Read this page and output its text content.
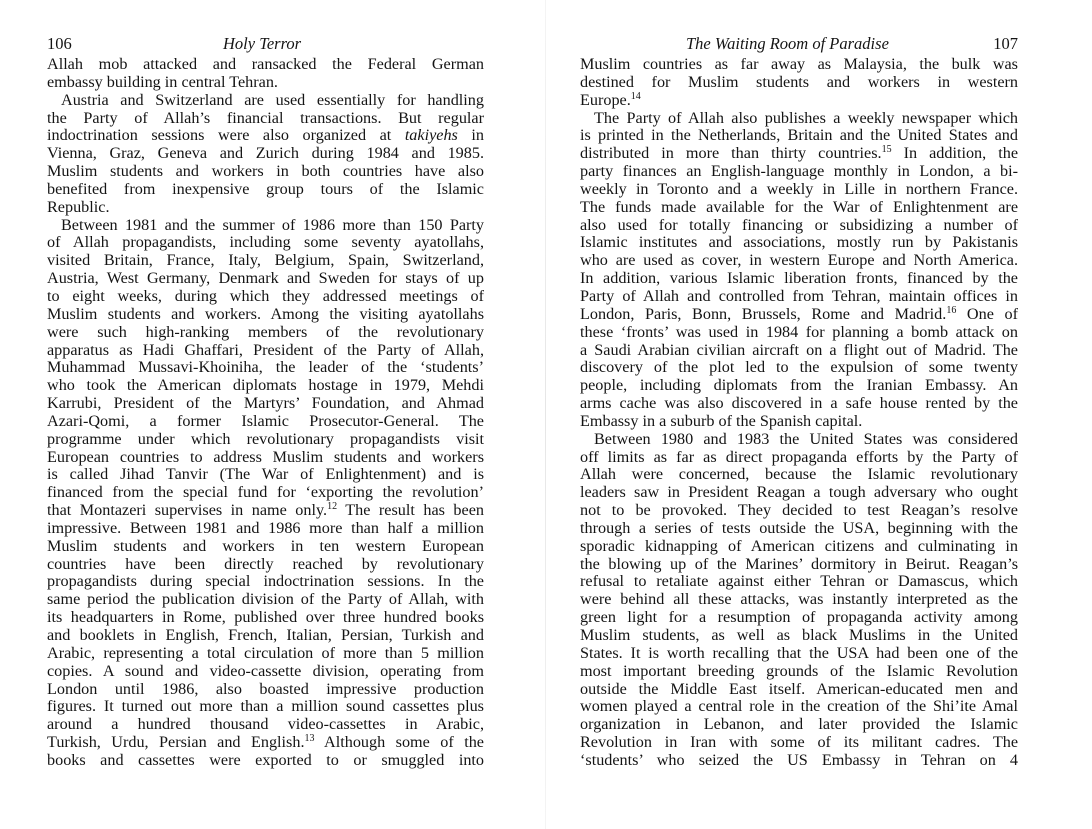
106	Holy Terror
Allah mob attacked and ransacked the Federal German
embassy building in central Tehran.
Austria and Switzerland are used essentially for handling
the Party of Allah’s financial transactions. But regular
indoctrination sessions were also organized at takiyehs in
Vienna, Graz, Geneva and Zurich during 1984 and 1985.
Muslim students and workers in both countries have also
benefited from inexpensive group tours of the Islamic
Republic.
Between 1981 and the summer of 1986 more than 150 Party
of Allah propagandists, including some seventy ayatollahs,
visited Britain, France, Italy, Belgium, Spain, Switzerland,
Austria, West Germany, Denmark and Sweden for stays of up
to eight weeks, during which they addressed meetings of
Muslim students and workers. Among the visiting ayatollahs
were such high-ranking members of the revolutionary
apparatus as Hadi Ghaffari, President of the Party of Allah,
Muhammad Mussavi-Khoiniha, the leader of the ‘students’
who took the American diplomats hostage in 1979, Mehdi
Karrubi, President of the Martyrs’ Foundation, and Ahmad
Azari-Qomi, a former Islamic Prosecutor-General. The
programme under which revolutionary propagandists visit
European countries to address Muslim students and workers
is called Jihad Tanvir (The War of Enlightenment) and is
financed from the special fund for ‘exporting the revolution’
that Montazeri supervises in name only.$^{12}$ The result has been
impressive. Between 1981 and 1986 more than half a million
Muslim students and workers in ten western European
countries have been directly reached by revolutionary
propagandists during special indoctrination sessions. In the
same period the publication division of the Party of Allah, with
its headquarters in Rome, published over three hundred books
and booklets in English, French, Italian, Persian, Turkish and
Arabic, representing a total circulation of more than 5 million
copies. A sound and video-cassette division, operating from
London until 1986, also boasted impressive production
figures. It turned out more than a million sound cassettes plus
around a hundred thousand video-cassettes in Arabic,
Turkish, Urdu, Persian and English.$^{13}$ Although some of the
books and cassettes were exported to or smuggled into
The Waiting Room of Paradise	107
Muslim countries as far away as Malaysia, the bulk was
destined for Muslim students and workers in western
Europe.$^{14}$
The Party of Allah also publishes a weekly newspaper which
is printed in the Netherlands, Britain and the United States and
distributed in more than thirty countries.$^{15}$ In addition, the
party finances an English-language monthly in London, a bi-
weekly in Toronto and a weekly in Lille in northern France.
The funds made available for the War of Enlightenment are
also used for totally financing or subsidizing a number of
Islamic institutes and associations, mostly run by Pakistanis
who are used as cover, in western Europe and North America.
In addition, various Islamic liberation fronts, financed by the
Party of Allah and controlled from Tehran, maintain offices in
London, Paris, Bonn, Brussels, Rome and Madrid.$^{16}$ One of
these ‘fronts’ was used in 1984 for planning a bomb attack on
a Saudi Arabian civilian aircraft on a flight out of Madrid. The
discovery of the plot led to the expulsion of some twenty
people, including diplomats from the Iranian Embassy. An
arms cache was also discovered in a safe house rented by the
Embassy in a suburb of the Spanish capital.
Between 1980 and 1983 the United States was considered
off limits as far as direct propaganda efforts by the Party of
Allah were concerned, because the Islamic revolutionary
leaders saw in President Reagan a tough adversary who ought
not to be provoked. They decided to test Reagan’s resolve
through a series of tests outside the USA, beginning with the
sporadic kidnapping of American citizens and culminating in
the blowing up of the Marines’ dormitory in Beirut. Reagan’s
refusal to retaliate against either Tehran or Damascus, which
were behind all these attacks, was instantly interpreted as the
green light for a resumption of propaganda activity among
Muslim students, as well as black Muslims in the United
States. It is worth recalling that the USA had been one of the
most important breeding grounds of the Islamic Revolution
outside the Middle East itself. American-educated men and
women played a central role in the creation of the Shi’ite Amal
organization in Lebanon, and later provided the Islamic
Revolution in Iran with some of its militant cadres. The
‘students’ who seized the US Embassy in Tehran on 4
